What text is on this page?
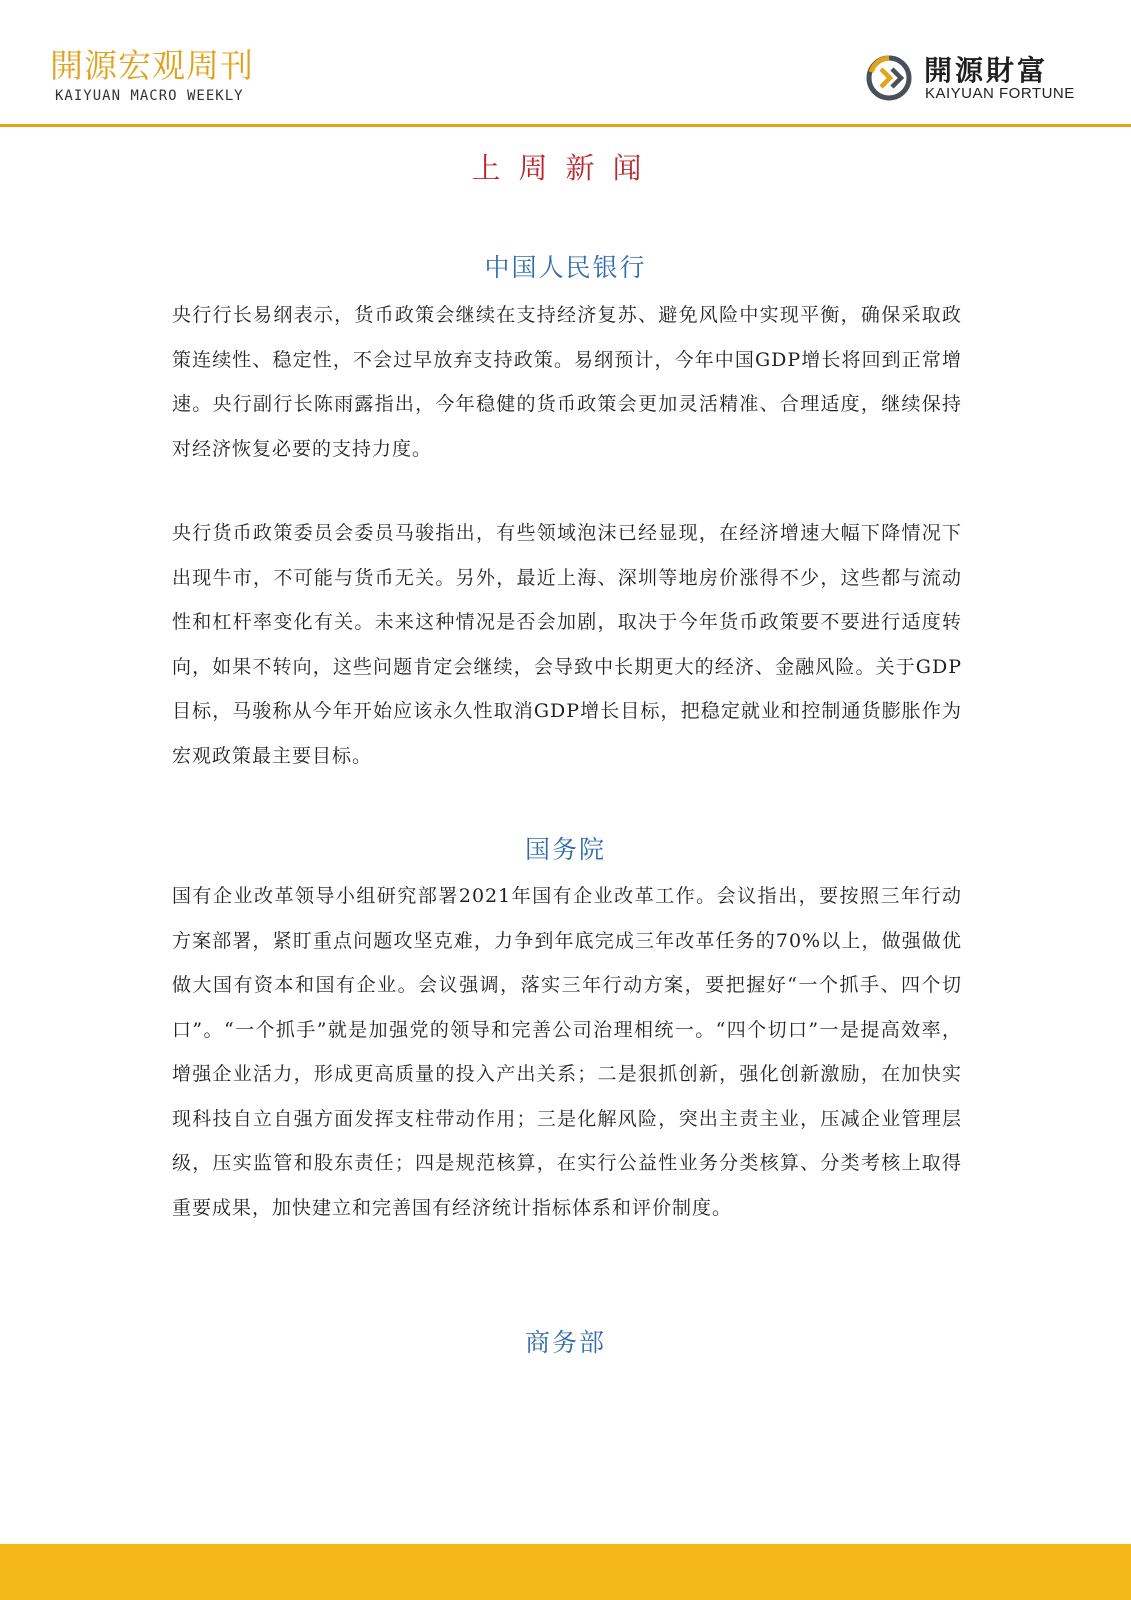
開源宏观周刊
KAIYUAN MACRO WEEKLY
開源財富
KAIYUAN FORTUNE
上周新闻
中国人民银行

央行行长易纲表示，货币政策会继续在支持经济复苏、避免风险中实现平衡，确保采取政策连续性、稳定性，不会过早放弃支持政策。易纲预计，今年中国GDP增长将回到正常增速。央行副行长陈雨露指出，今年稳健的货币政策会更加灵活精准、合理适度，继续保持对经济恢复必要的支持力度。

央行货币政策委员会委员马骏指出，有些领域泡沫已经显现，在经济增速大幅下降情况下出现牛市，不可能与货币无关。另外，最近上海、深圳等地房价涨得不少，这些都与流动性和杠杆率变化有关。未来这种情况是否会加剧，取决于今年货币政策要不要进行适度转向，如果不转向，这些问题肯定会继续，会导致中长期更大的经济、金融风险。关于GDP目标，马骏称从今年开始应该永久性取消GDP增长目标，把稳定就业和控制通货膨胀作为宏观政策最主要目标。

国务院

国有企业改革领导小组研究部署2021年国有企业改革工作。会议指出，要按照三年行动方案部署，紧盯重点问题攻坚克难，力争到年底完成三年改革任务的70%以上，做强做优做大国有资本和国有企业。会议强调，落实三年行动方案，要把握好“一个抓手、四个切口”。“一个抓手”就是加强党的领导和完善公司治理相统一。“四个切口”一是提高效率，增强企业活力，形成更高质量的投入产出关系；二是狠抓创新，强化创新激励，在加快实现科技自立自强方面发挥支柱带动作用；三是化解风险，突出主责主业，压减企业管理层级，压实监管和股东责任；四是规范核算，在实行公益性业务分类核算、分类考核上取得重要成果，加快建立和完善国有经济统计指标体系和评价制度。

商务部
